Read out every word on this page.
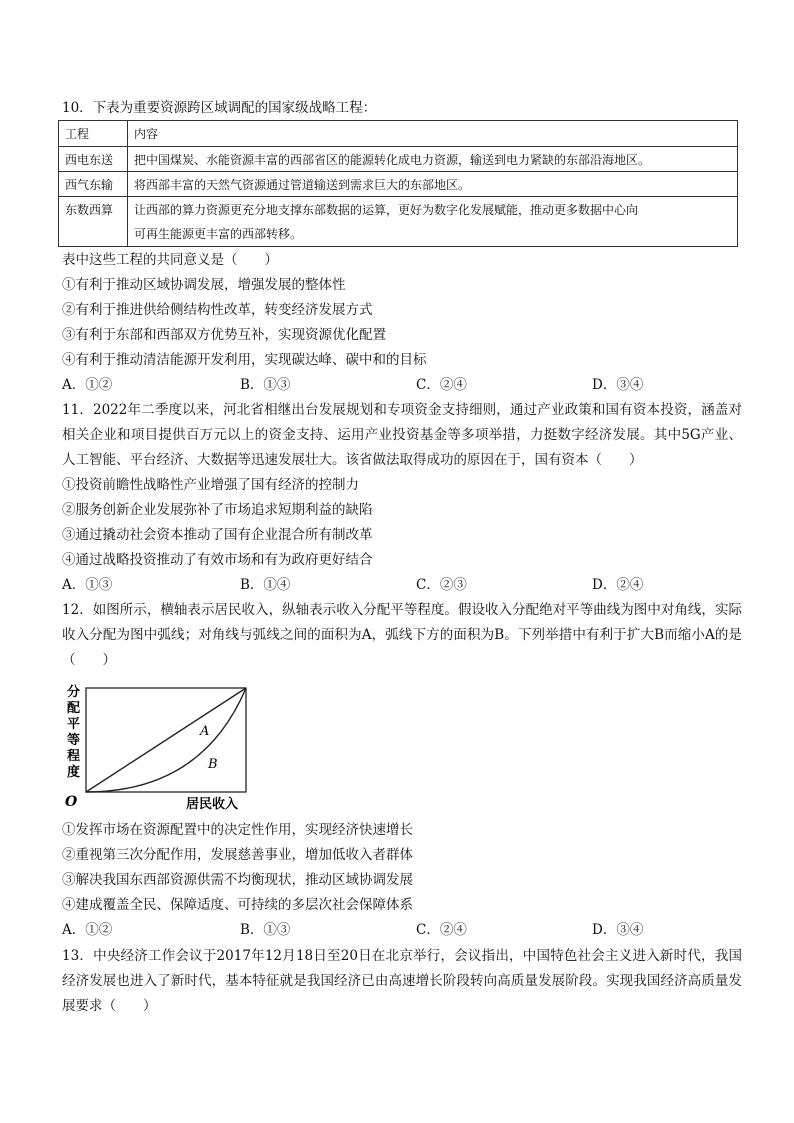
10．下表为重要资源跨区域调配的国家级战略工程：
工程	内容
西电东送	把中国煤炭、水能资源丰富的西部省区的能源转化成电力资源，输送到电力紧缺的东部沿海地区。
西气东输	将西部丰富的天然气资源通过管道输送到需求巨大的东部地区。
东数西算	让西部的算力资源更充分地支撑东部数据的运算，更好为数字化发展赋能，推动更多数据中心向
可再生能源更丰富的西部转移。
表中这些工程的共同意义是（　　）
①有利于推动区域协调发展，增强发展的整体性
②有利于推进供给侧结构性改革，转变经济发展方式
③有利于东部和西部双方优势互补，实现资源优化配置
④有利于推动清洁能源开发利用，实现碳达峰、碳中和的目标
A．①②	B．①③	C．②④	D．③④
11．2022年二季度以来，河北省相继出台发展规划和专项资金支持细则，通过产业政策和国有资本投资，涵盖对相关企业和项目提供百万元以上的资金支持、运用产业投资基金等多项举措，力挺数字经济发展。其中5G产业、人工智能、平台经济、大数据等迅速发展壮大。该省做法取得成功的原因在于，国有资本（　　）
①投资前瞻性战略性产业增强了国有经济的控制力
②服务创新企业发展弥补了市场追求短期利益的缺陷
③通过撬动社会资本推动了国有企业混合所有制改革
④通过战略投资推动了有效市场和有为政府更好结合
A．①③	B．①④	C．②③	D．②④
12．如图所示，横轴表示居民收入，纵轴表示收入分配平等程度。假设收入分配绝对平等曲线为图中对角线，实际收入分配为图中弧线；对角线与弧线之间的面积为A，弧线下方的面积为B。下列举措中有利于扩大B而缩小A的是（　　）
分
配
平
等
程
度
O	居民收入
A
B
①发挥市场在资源配置中的决定性作用，实现经济快速增长
②重视第三次分配作用，发展慈善事业，增加低收入者群体
③解决我国东西部资源供需不均衡现状，推动区域协调发展
④建成覆盖全民、保障适度、可持续的多层次社会保障体系
A．①②	B．①③	C．②④	D．③④
13．中央经济工作会议于2017年12月18日至20日在北京举行，会议指出，中国特色社会主义进入新时代，我国经济发展也进入了新时代，基本特征就是我国经济已由高速增长阶段转向高质量发展阶段。实现我国经济高质量发展要求（　　）
